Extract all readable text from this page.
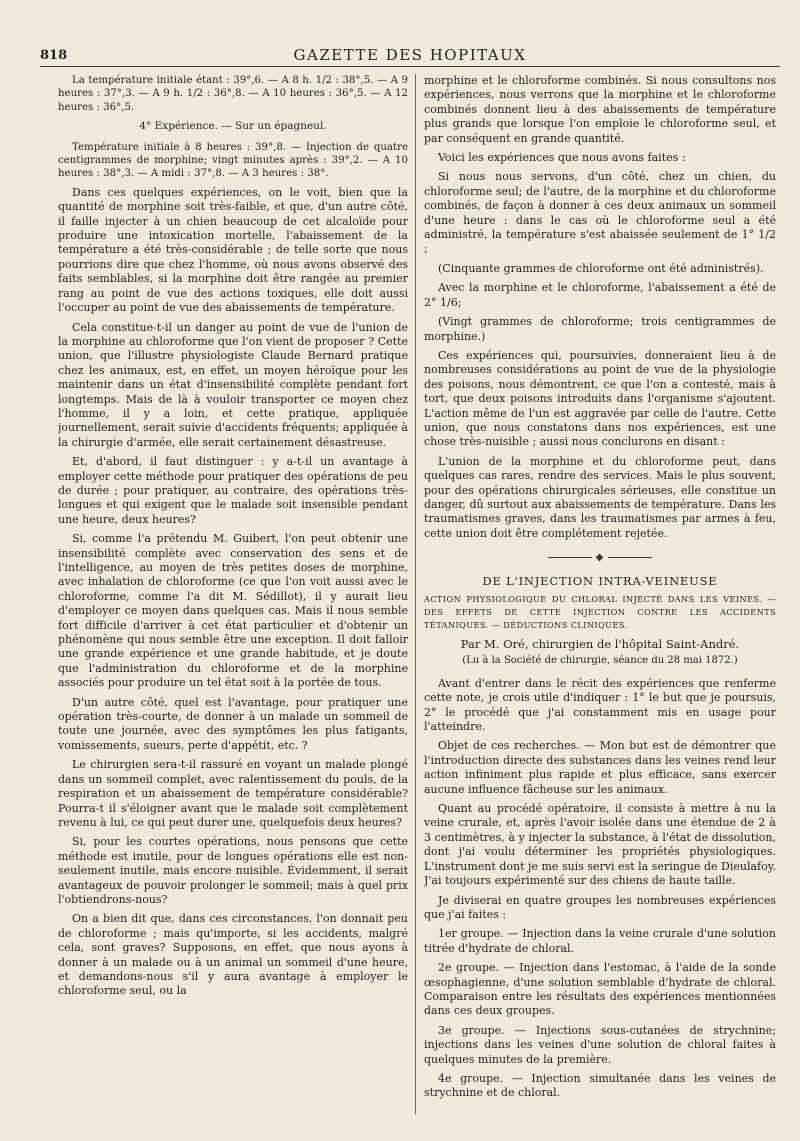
818	GAZETTE DES HOPITAUX

La température initiale étant : 39°,6. — A 8 h. 1/2 : 38°,5. — A 9 heures : 37°,3. — A 9 h. 1/2 : 36°,8. — A 10 heures : 36°,5. — A 12 heures : 36°,5.

4° Expérience. — Sur un épagneul.

Température initiale à 8 heures : 39°,8. — Injection de quatre centigrammes de morphine; vingt minutes après : 39°,2. — A 10 heures : 38°,3. — A midi : 37°,8. — A 3 heures : 38°.

Dans ces quelques expériences, on le voit, bien que la quantité de morphine soit très-faible, et que, d'un autre côté, il faille injecter à un chien beaucoup de cet alcaloïde pour produire une intoxication mortelle, l'abaissement de la température a été très-considérable ; de telle sorte que nous pourrions dire que chez l'homme, où nous avons observé des faits semblables, si la morphine doit être rangée au premier rang au point de vue des actions toxiques, elle doit aussi l'occuper au point de vue des abaissements de température.

Cela constitue-t-il un danger au point de vue de l'union de la morphine au chloroforme que l'on vient de proposer ? Cette union, que l'illustre physiologiste Claude Bernard pratique chez les animaux, est, en effet, un moyen héroïque pour les maintenir dans un état d'insensibilité complète pendant fort longtemps. Mais de là à vouloir transporter ce moyen chez l'homme, il y a loin, et cette pratique, appliquée journellement, serait suivie d'accidents fréquents; appliquée à la chirurgie d'armée, elle serait certainement désastreuse.

Et, d'abord, il faut distinguer : y a-t-il un avantage à employer cette méthode pour pratiquer des opérations de peu de durée ; pour pratiquer, au contraire, des opérations très-longues et qui exigent que le malade soit insensible pendant une heure, deux heures?

Si, comme l'a prétendu M. Guibert, l'on peut obtenir une insensibilité complète avec conservation des sens et de l'intelligence, au moyen de très petites doses de morphine, avec inhalation de chloroforme (ce que l'on voit aussi avec le chloroforme, comme l'a dit M. Sédillot), il y aurait lieu d'employer ce moyen dans quelques cas. Mais il nous semble fort difficile d'arriver à cet état particulier et d'obtenir un phénomène qui nous semble être une exception. Il doit falloir une grande expérience et une grande habitude, et je doute que l'administration du chloroforme et de la morphine associés pour produire un tel état soit à la portée de tous.

D'un autre côté, quel est l'avantage, pour pratiquer une opération très-courte, de donner à un malade un sommeil de toute une journée, avec des symptômes les plus fatigants, vomissements, sueurs, perte d'appétit, etc. ?

Le chirurgien sera-t-il rassuré en voyant un malade plongé dans un sommeil complet, avec ralentissement du pouls, de la respiration et un abaissement de température considérable? Pourra-t il s'éloigner avant que le malade soit complètement revenu à lui, ce qui peut durer une, quelquefois deux heures?

Si, pour les courtes opérations, nous pensons que cette méthode est inutile, pour de longues opérations elle est non-seulement inutile, mais encore nuisible. Évidemment, il serait avantageux de pouvoir prolonger le sommeil; mais à quel prix l'obtiendrons-nous?

On a bien dit que, dans ces circonstances, l'on donnait peu de chloroforme ; mais qu'importe, si les accidents, malgré cela, sont graves? Supposons, en effet, que nous ayons à donner à un malade ou à un animal un sommeil d'une heure, et demandons-nous s'il y aura avantage à employer le chloroforme seul, ou la

morphine et le chloroforme combinés. Si nous consultons nos expériences, nous verrons que la morphine et le chloroforme combinés donnent lieu à des abaissements de température plus grands que lorsque l'on emploie le chloroforme seul, et par conséquent en grande quantité.

Voici les expériences que nous avons faites :

Si nous nous servons, d'un côté, chez un chien, du chloroforme seul; de l'autre, de la morphine et du chloroforme combinés, de façon à donner à ces deux animaux un sommeil d'une heure : dans le cas où le chloroforme seul a été administré, la température s'est abaissée seulement de 1° 1/2 ;

(Cinquante grammes de chloroforme ont été administrés).

Avec la morphine et le chloroforme, l'abaissement a été de 2° 1/6;

(Vingt grammes de chloroforme; trois centigrammes de morphine.)

Ces expériences qui, poursuivies, donneraient lieu à de nombreuses considérations au point de vue de la physiologie des poisons, nous démontrent, ce que l'on a contesté, mais à tort, que deux poisons introduits dans l'organisme s'ajoutent. L'action même de l'un est aggravée par celle de l'autre. Cette union, que nous constatons dans nos expériences, est une chose très-nuisible ; aussi nous conclurons en disant :

L'union de la morphine et du chloroforme peut, dans quelques cas rares, rendre des services. Mais le plus souvent, pour des opérations chirurgicales sérieuses, elle constitue un danger, dû surtout aux abaissements de température. Dans les traumatismes graves, dans les traumatismes par armes à feu, cette union doit être complétement rejetée.

◆
DE L'INJECTION INTRA-VEINEUSE
ACTION PHYSIOLOGIQUE DU CHLORAL INJECTÉ DANS LES VEINES. — DES EFFETS DE CETTE INJECTION CONTRE LES ACCIDENTS TÉTANIQUES. — DÉDUCTIONS CLINIQUES.
Par M. Oré, chirurgien de l'hôpital Saint-André.
(Lu à la Société de chirurgie, séance du 28 mai 1872.)

Avant d'entrer dans le récit des expériences que renferme cette note, je crois utile d'indiquer : 1° le but que je poursuis, 2° le procédé que j'ai constamment mis en usage pour l'atteindre.

Objet de ces recherches. — Mon but est de démontrer que l'introduction directe des substances dans les veines rend leur action infiniment plus rapide et plus efficace, sans exercer aucune influence fâcheuse sur les animaux.

Quant au procédé opératoire, il consiste à mettre à nu la veine crurale, et, après l'avoir isolée dans une étendue de 2 à 3 centimètres, à y injecter la substance, à l'état de dissolution, dont j'ai voulu déterminer les propriétés physiologiques. L'instrument dont je me suis servi est la seringue de Dieulafoy. J'ai toujours expérimenté sur des chiens de haute taille.

Je diviserai en quatre groupes les nombreuses expériences que j'ai faites :

1er groupe. — Injection dans la veine crurale d'une solution titrée d'hydrate de chloral.

2e groupe. — Injection dans l'estomac, à l'aide de la sonde œsophagienne, d'une solution semblable d'hydrate de chloral. Comparaison entre les résultats des expériences mentionnées dans ces deux groupes.

3e groupe. — Injections sous-cutanées de strychnine; injections dans les veines d'une solution de chloral faites à quelques minutes de la première.

4e groupe. — Injection simultanée dans les veines de strychnine et de chloral.
